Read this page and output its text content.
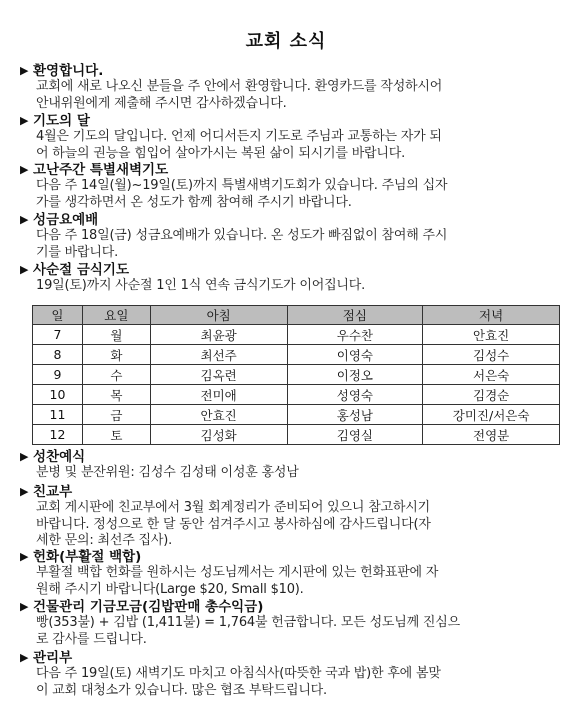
교회 소식
▶ 환영합니다.
교회에 새로 나오신 분들을 주 안에서 환영합니다. 환영카드를 작성하시어
안내위원에게 제출해 주시면 감사하겠습니다.
▶ 기도의 달
4월은 기도의 달입니다. 언제 어디서든지 기도로 주님과 교통하는 자가 되
어 하늘의 권능을 힘입어 살아가시는 복된 삶이 되시기를 바랍니다.
▶ 고난주간 특별새벽기도
다음 주 14일(월)~19일(토)까지 특별새벽기도회가 있습니다. 주님의 십자
가를 생각하면서 온 성도가 함께 참여해 주시기 바랍니다.
▶ 성금요예배
다음 주 18일(금) 성금요예배가 있습니다. 온 성도가 빠짐없이 참여해 주시
기를 바랍니다.
▶ 사순절 금식기도
19일(토)까지 사순절 1인 1식 연속 금식기도가 이어집니다.
일	요일	아침	점심	저녁
7	월	최윤광	우수찬	안효진
8	화	최선주	이영숙	김성수
9	수	김옥련	이정오	서은숙
10	목	전미애	성영숙	김경순
11	금	안효진	홍성남	강미진/서은숙
12	토	김성화	김영실	전영분
▶ 성찬예식
분병 및 분잔위원: 김성수 김성태 이성훈 홍성남
▶ 친교부
교회 게시판에 친교부에서 3월 회계정리가 준비되어 있으니 참고하시기
바랍니다. 정성으로 한 달 동안 섬겨주시고 봉사하심에 감사드립니다(자
세한 문의: 최선주 집사).
▶ 헌화(부활절 백합)
부활절 백합 헌화를 원하시는 성도님께서는 게시판에 있는 헌화표판에 자
원해 주시기 바랍니다(Large $20, Small $10).
▶ 건물관리 기금모금(김밥판매 총수익금)
빵(353불) + 김밥 (1,411불) = 1,764불 헌금합니다. 모든 성도님께 진심으
로 감사를 드립니다.
▶ 관리부
다음 주 19일(토) 새벽기도 마치고 아침식사(따뜻한 국과 밥)한 후에 봄맞
이 교회 대청소가 있습니다. 많은 협조 부탁드립니다.
